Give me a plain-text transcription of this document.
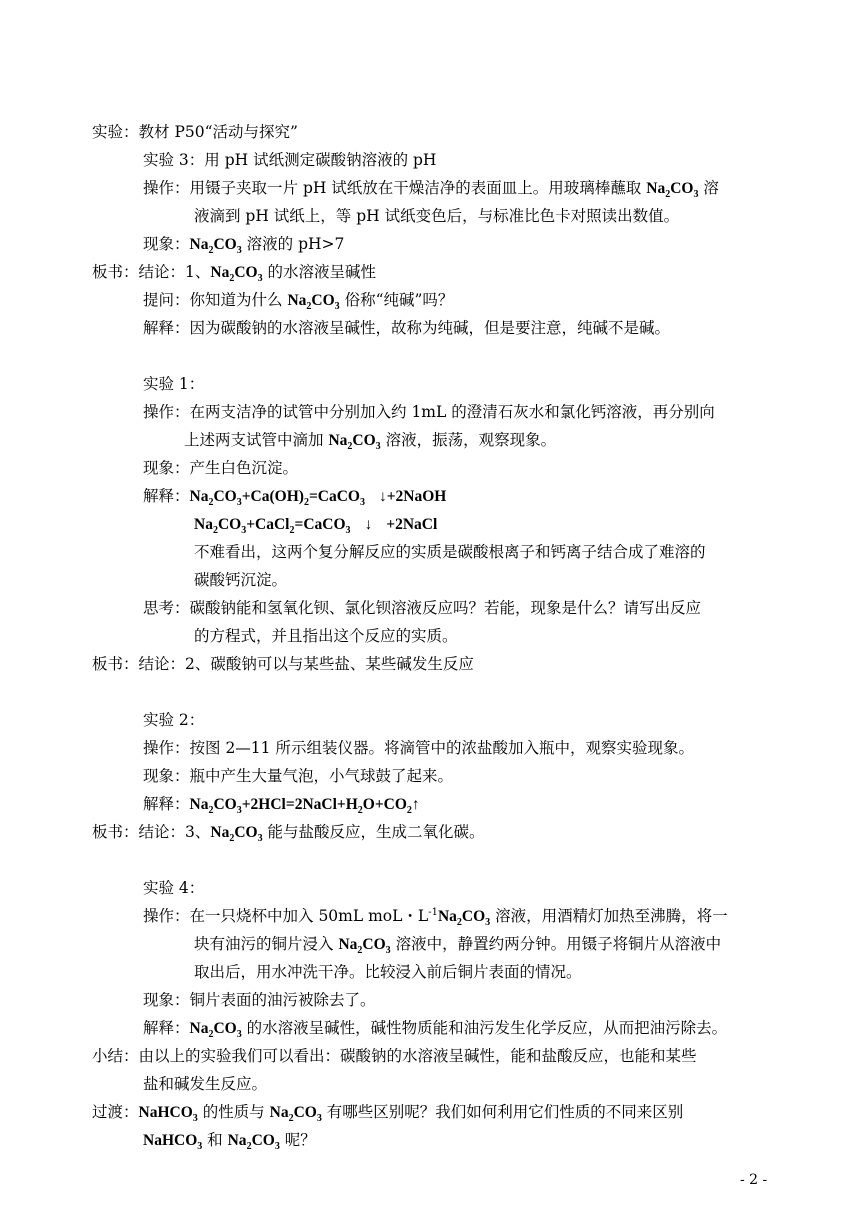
实验：教材 P50“活动与探究”
实验 3：用 pH 试纸测定碳酸钠溶液的 pH
操作：用镊子夹取一片 pH 试纸放在干燥洁净的表面皿上。用玻璃棒蘸取 $Na_2CO_3$ 溶
液滴到 pH 试纸上，等 pH 试纸变色后，与标准比色卡对照读出数值。
现象：$Na_2CO_3$ 溶液的 pH>7
板书：结论：1、$Na_2CO_3$ 的水溶液呈碱性
提问：你知道为什么 $Na_2CO_3$ 俗称“纯碱”吗？
解释：因为碳酸钠的水溶液呈碱性，故称为纯碱，但是要注意，纯碱不是碱。
实验 1：
操作：在两支洁净的试管中分别加入约 1mL 的澄清石灰水和氯化钙溶液，再分别向
上述两支试管中滴加 $Na_2CO_3$ 溶液，振荡，观察现象。
现象：产生白色沉淀。
解释：$Na_2CO_3+Ca(OH)_2=CaCO_3$ ↓+2NaOH
$Na_2CO_3+CaCl_2=CaCO_3$ ↓ +2NaCl
不难看出，这两个复分解反应的实质是碳酸根离子和钙离子结合成了难溶的
碳酸钙沉淀。
思考：碳酸钠能和氢氧化钡、氯化钡溶液反应吗？若能，现象是什么？请写出反应
的方程式，并且指出这个反应的实质。
板书：结论：2、碳酸钠可以与某些盐、某些碱发生反应
实验 2：
操作：按图 2—11 所示组装仪器。将滴管中的浓盐酸加入瓶中，观察实验现象。
现象：瓶中产生大量气泡，小气球鼓了起来。
解释：$Na_2CO_3+2HCl=2NaCl+H_2O+CO_2↑$
板书：结论：3、$Na_2CO_3$ 能与盐酸反应，生成二氧化碳。
实验 4：
操作：在一只烧杯中加入 50mL moL・$L^{-1}Na_2CO_3$ 溶液，用酒精灯加热至沸腾，将一
块有油污的铜片浸入 $Na_2CO_3$ 溶液中，静置约两分钟。用镊子将铜片从溶液中
取出后，用水冲洗干净。比较浸入前后铜片表面的情况。
现象：铜片表面的油污被除去了。
解释：$Na_2CO_3$ 的水溶液呈碱性，碱性物质能和油污发生化学反应，从而把油污除去。
小结：由以上的实验我们可以看出：碳酸钠的水溶液呈碱性，能和盐酸反应，也能和某些
盐和碱发生反应。
过渡：NaHCO$_3$ 的性质与 $Na_2CO_3$ 有哪些区别呢？我们如何利用它们性质的不同来区别
NaHCO$_3$ 和 $Na_2CO_3$ 呢？
- 2 -
